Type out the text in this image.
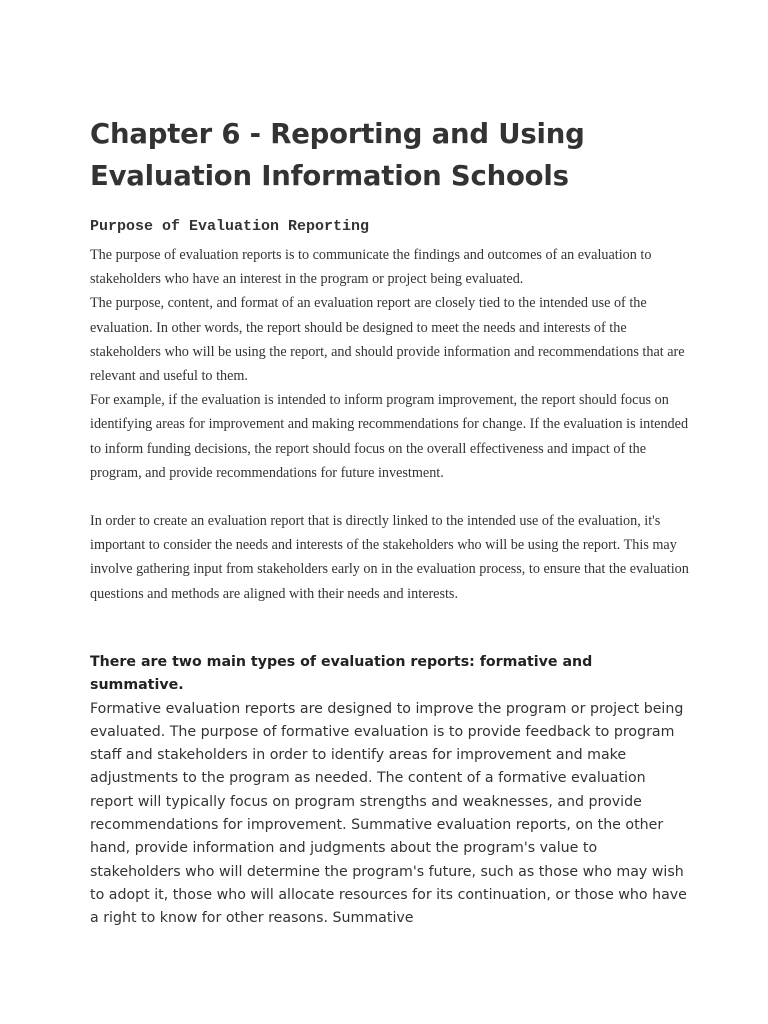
Chapter 6 - Reporting and Using
Evaluation Information Schools
Purpose of Evaluation Reporting

The purpose of evaluation reports is to communicate the findings and outcomes of an evaluation to stakeholders who have an interest in the program or project being evaluated.

The purpose, content, and format of an evaluation report are closely tied to the intended use of the evaluation. In other words, the report should be designed to meet the needs and interests of the stakeholders who will be using the report, and should provide information and recommendations that are relevant and useful to them.

For example, if the evaluation is intended to inform program improvement, the report should focus on identifying areas for improvement and making recommendations for change. If the evaluation is intended to inform funding decisions, the report should focus on the overall effectiveness and impact of the program, and provide recommendations for future investment.

In order to create an evaluation report that is directly linked to the intended use of the evaluation, it's important to consider the needs and interests of the stakeholders who will be using the report. This may involve gathering input from stakeholders early on in the evaluation process, to ensure that the evaluation questions and methods are aligned with their needs and interests.

There are two main types of evaluation reports: formative and summative.

Formative evaluation reports are designed to improve the program or project being evaluated. The purpose of formative evaluation is to provide feedback to program staff and stakeholders in order to identify areas for improvement and make adjustments to the program as needed. The content of a formative evaluation report will typically focus on program strengths and weaknesses, and provide recommendations for improvement. Summative evaluation reports, on the other hand, provide information and judgments about the program's value to stakeholders who will determine the program's future, such as those who may wish to adopt it, those who will allocate resources for its continuation, or those who have a right to know for other reasons. Summative
